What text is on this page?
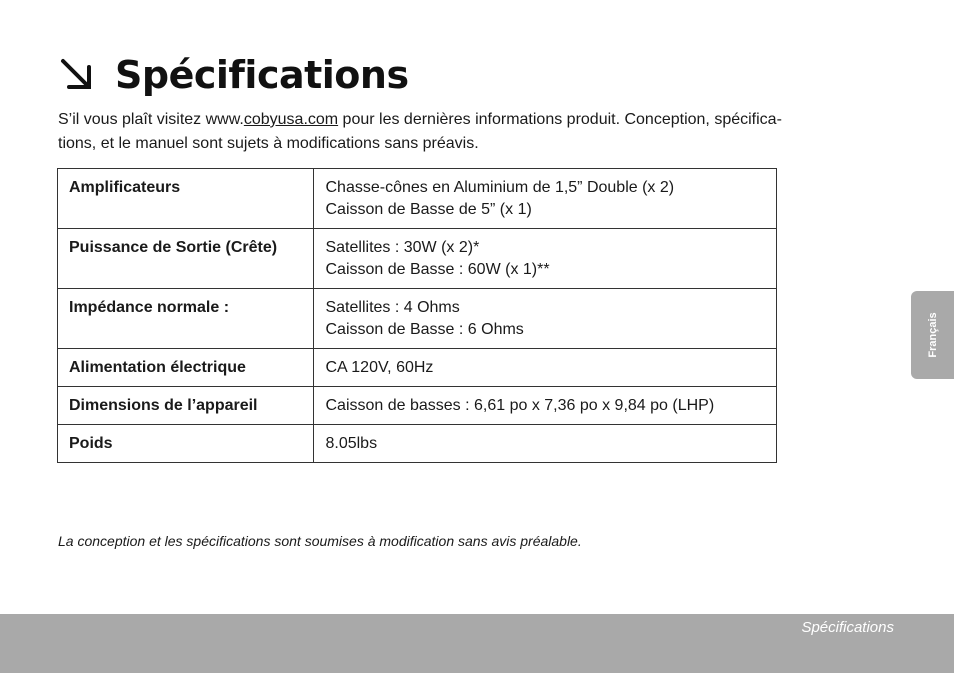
Spécifications
S’il vous plaît visitez www.cobyusa.com pour les dernières informations produit. Conception, spécifica-
tions, et le manuel sont sujets à modifications sans préavis.
Amplificateurs	Chasse-cônes en Aluminium de 1,5” Double (x 2)
Caisson de Basse de 5” (x 1)

Puissance de Sortie (Crête)	Satellites : 30W (x 2)*
Caisson de Basse : 60W (x 1)**

Impédance normale :	Satellites : 4 Ohms
Caisson de Basse : 6 Ohms

Alimentation électrique	CA 120V, 60Hz

Dimensions de l’appareil	Caisson de basses : 6,61 po x 7,36 po x 9,84 po (LHP)

Poids	8.05lbs
La conception et les spécifications sont soumises à modification sans avis préalable.
Français
Spécifications
